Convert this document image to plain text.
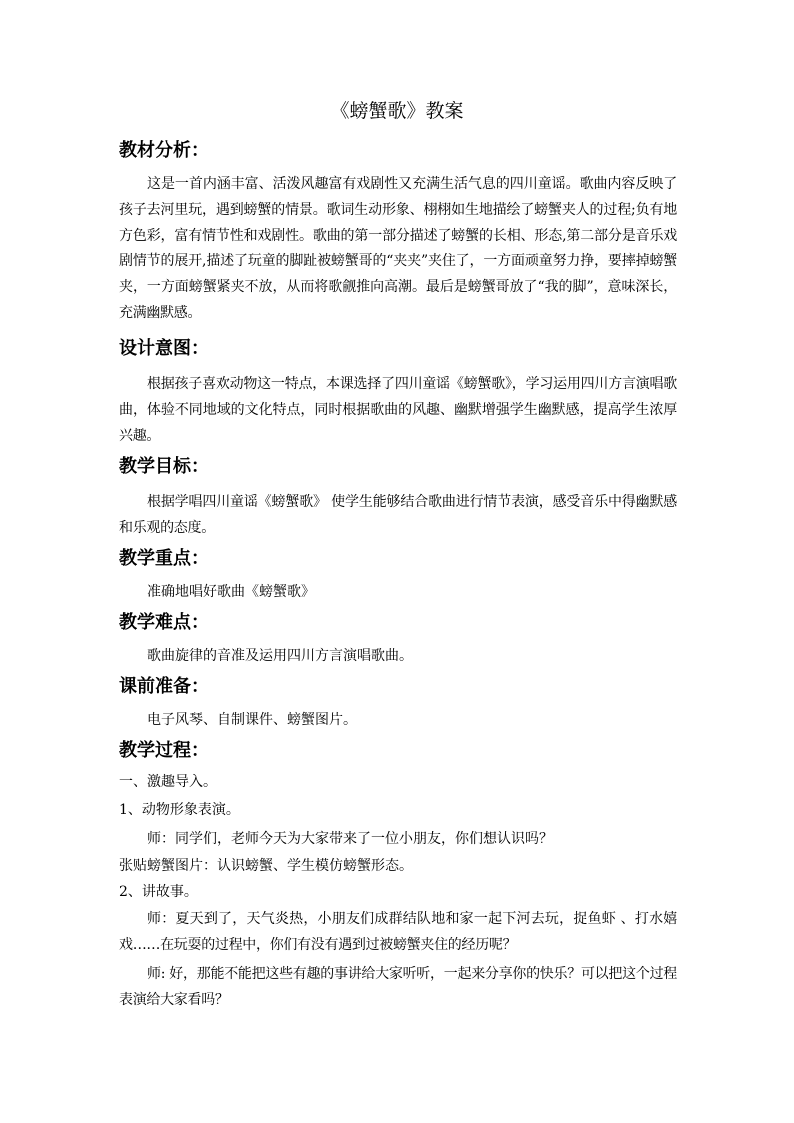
《螃蟹歌》教案
教材分析：
这是一首内涵丰富、活泼风趣富有戏剧性又充满生活气息的四川童谣。歌曲内容反映了孩子去河里玩，遇到螃蟹的情景。歌词生动形象、栩栩如生地描绘了螃蟹夹人的过程;负有地方色彩，富有情节性和戏剧性。歌曲的第一部分描述了螃蟹的长相、形态,第二部分是音乐戏剧情节的展开,描述了玩童的脚趾被螃蟹哥的“夹夹”夹住了，一方面顽童努力挣，要摔掉螃蟹夹，一方面螃蟹紧夹不放，从而将歌觎推向高潮。最后是螃蟹哥放了“我的脚”，意味深长，充满幽默感。
设计意图：
根据孩子喜欢动物这一特点，本课选择了四川童谣《螃蟹歌》，学习运用四川方言演唱歌曲，体验不同地域的文化特点，同时根据歌曲的风趣、幽默增强学生幽默感，提高学生浓厚兴趣。
教学目标：
根据学唱四川童谣《螃蟹歌》 使学生能够结合歌曲进行情节表演，感受音乐中得幽默感和乐观的态度。
教学重点：
准确地唱好歌曲《螃蟹歌》
教学难点：
歌曲旋律的音准及运用四川方言演唱歌曲。
课前准备：
电子风琴、自制课件、螃蟹图片。
教学过程：
一、激趣导入。
1、动物形象表演。
师：同学们，老师今天为大家带来了一位小朋友，你们想认识吗？
张贴螃蟹图片：认识螃蟹、学生模仿螃蟹形态。
2、讲故事。
师：夏天到了，天气炎热，小朋友们成群结队地和家一起下河去玩，捉鱼虾 、打水嬉戏……在玩耍的过程中，你们有没有遇到过被螃蟹夹住的经历呢？
师: 好，那能不能把这些有趣的事讲给大家听听，一起来分享你的快乐？可以把这个过程表演给大家看吗？
